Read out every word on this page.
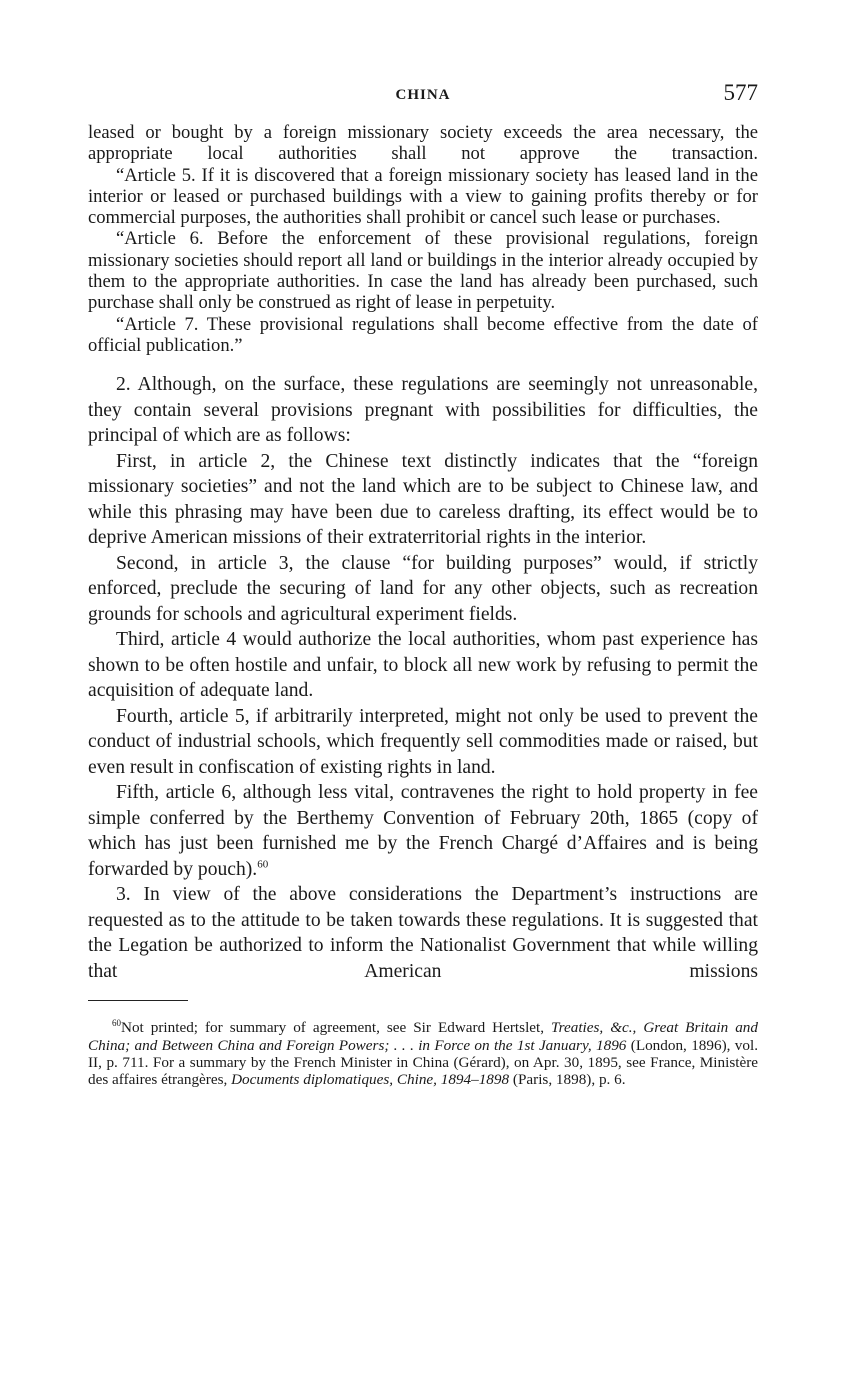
CHINA	577

leased or bought by a foreign missionary society exceeds the area necessary, the appropriate local authorities shall not approve the transaction.

“Article 5. If it is discovered that a foreign missionary society has leased land in the interior or leased or purchased buildings with a view to gaining profits thereby or for commercial purposes, the authorities shall prohibit or cancel such lease or purchases.

“Article 6. Before the enforcement of these provisional regulations, foreign missionary societies should report all land or buildings in the interior already occupied by them to the appropriate authorities. In case the land has already been purchased, such purchase shall only be construed as right of lease in perpetuity.

“Article 7. These provisional regulations shall become effective from the date of official publication.”

2. Although, on the surface, these regulations are seemingly not unreasonable, they contain several provisions pregnant with possibilities for difficulties, the principal of which are as follows:

First, in article 2, the Chinese text distinctly indicates that the “foreign missionary societies” and not the land which are to be subject to Chinese law, and while this phrasing may have been due to careless drafting, its effect would be to deprive American missions of their extraterritorial rights in the interior.

Second, in article 3, the clause “for building purposes” would, if strictly enforced, preclude the securing of land for any other objects, such as recreation grounds for schools and agricultural experiment fields.

Third, article 4 would authorize the local authorities, whom past experience has shown to be often hostile and unfair, to block all new work by refusing to permit the acquisition of adequate land.

Fourth, article 5, if arbitrarily interpreted, might not only be used to prevent the conduct of industrial schools, which frequently sell commodities made or raised, but even result in confiscation of existing rights in land.

Fifth, article 6, although less vital, contravenes the right to hold property in fee simple conferred by the Berthemy Convention of February 20th, 1865 (copy of which has just been furnished me by the French Chargé d’Affaires and is being forwarded by pouch).$^{60}$

3. In view of the above considerations the Department’s instructions are requested as to the attitude to be taken towards these regulations. It is suggested that the Legation be authorized to inform the Nationalist Government that while willing that American missions

$^{60}$Not printed; for summary of agreement, see Sir Edward Hertslet, Treaties, &c., Great Britain and China; and Between China and Foreign Powers; . . . in Force on the 1st January, 1896 (London, 1896), vol. II, p. 711. For a summary by the French Minister in China (Gérard), on Apr. 30, 1895, see France, Ministère des affaires étrangères, Documents diplomatiques, Chine, 1894–1898 (Paris, 1898), p. 6.
